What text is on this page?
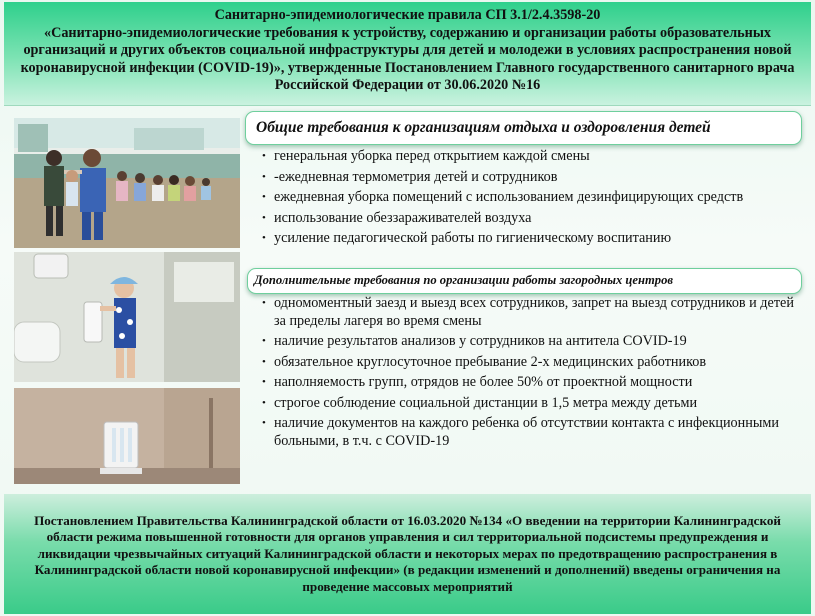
Санитарно-эпидемиологические правила СП 3.1/2.4.3598-20
«Санитарно-эпидемиологические требования к устройству, содержанию и организации работы образовательных организаций и других объектов социальной инфраструктуры для детей и молодежи в условиях распространения новой коронавирусной инфекции (COVID-19)», утвержденные Постановлением Главного государственного санитарного врача Российской Федерации от 30.06.2020 №16
Общие требования к организациям отдыха и оздоровления детей
• генеральная уборка перед открытием каждой смены
• -ежедневная термометрия детей и сотрудников
• ежедневная уборка помещений с использованием дезинфицирующих средств
• использование обеззараживателей воздуха
• усиление педагогической работы по гигиеническому воспитанию
Дополнительные требования по организации работы загородных центров
• одномоментный заезд и выезд всех сотрудников, запрет на выезд сотрудников и детей за пределы лагеря во время смены
• наличие результатов анализов у сотрудников на антитела COVID-19
• обязательное круглосуточное пребывание 2-х медицинских работников
• наполняемость групп, отрядов не более 50% от проектной мощности
• строгое соблюдение социальной дистанции в 1,5 метра между детьми
• наличие документов на каждого ребенка об отсутствии контакта с инфекционными больными, в т.ч. с COVID-19
Постановлением Правительства Калининградской области от 16.03.2020 №134 «О введении на территории Калининградской области режима повышенной готовности для органов управления и сил территориальной подсистемы предупреждения и ликвидации чрезвычайных ситуаций Калининградской области и некоторых мерах по предотвращению распространения в Калининградской области новой коронавирусной инфекции» (в редакции изменений и дополнений) введены ограничения на проведение массовых мероприятий
